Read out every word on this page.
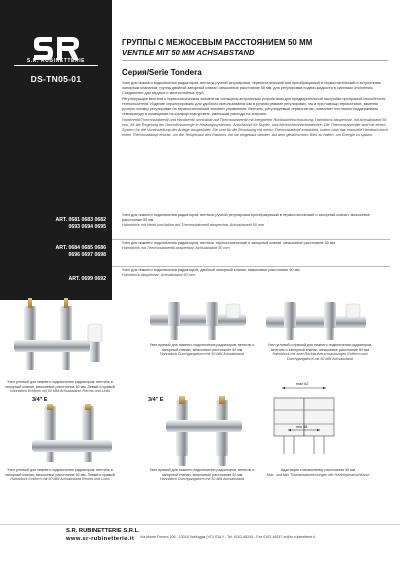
S.R. RUBINETTERIE
DS-TN05-01
ГРУППЫ С МЕЖОСЕВЫМ РАССТОЯНИЕМ 50 ММ
VENTILE MIT 50 MM ACHSABSTAND
Серия/Serie Tondera

Узел для нижнего подключения радиаторов, вентиль ручной регулировки, термостатический или преобразуемый в термостатический и встроенным запорным клапаном; группа двойной запорный клапан, межосевое расстояние 50 мм, для регулировки подачи жидкости в системах отопления. Соединение для медных и многослойных труб.

Регулирующие вентили с термостатическим элементом оснащены встроенным устройством для предварительной настройки пропускной способности теплоносителя. Изделие спроектировано для удобного использования как в ручном режиме регулировки, так и при помощи термостатов, заменяя ручную головку регулировки на термостатический элемент управления. Вентиль, регулируемый термостатом, позволяет постоянно поддерживать температуру в помещении на комфортном уровне, уменьшая расходы на энергию.

Handventil/Thermostatventil und Handventil umrüstbar auf Thermostatventil mit integrierter Rücklaufverschraubung, Hahnblock absperrbar, mit Achsabstand 50 mm, für die Regelung der Durchflussmenge in Heizungssystemen. Anschlüsse für Kupfer- und Mehrschichtverbundrohre. Die Thermostatventile sind mit einem System für die Voreinstellung der Anlage ausgerüstet. Sie sind für die Benutzung mit einem Thermostatkopf entwickelt, indem man das manuelle Handrad durch einen Thermostatkopf ersetzt, um die Temperatur des Raumes, wo sie eingebaut werden, auf dem gewünschten Wert zu halten, um Energie zu sparen.

ART. 0681 0683 0682
0693 0694 0695
Узел для нижнего подключения радиаторов, вентиль ручной регулировки преобразуемый в термостатический и запорный клапан, межосевое расстояние 50 мм
Hahnblock mit Ventil umrüstbar auf Thermostatventil absperrbar, Achsabstand 50 mm
ART. 0684 0685 0686
0696 0697 0698
Узел для нижнего подключения радиаторов, вентиль термостатический и запорный клапан, межосевое расстояние 50 мм
Hahnblock mit Thermostatventil absperrbar, Achsabstand 50 mm
ART. 0699 0692
Узел для нижнего подключения радиаторов, двойной запорный клапан, межосевое расстояние 50 мм
Hahnblock absperrbar, Achsabstand 50 mm
Узел угловой для нижнего подключения радиаторов, вентиль и запорный клапан, межосевое расстояние 50 мм. Левый и правый
Hahnblock Eckform mit 50 MM Achsabstand. Rechts und Links
Узел прямой для нижнего подключения радиаторов, вентиль и запорный клапан, межосевое расстояние 50 мм
Hahnblock Durchgangsform mit 50 MM Achsabstand
Узел угловой и прямой для нижнего подключения радиаторов, вентиль и запорный клапан, межосевое расстояние 50 мм
Hahnblock mit zwei Rücklaufverschraubungen Eckform und Durchgangsform mit 50 MM Achsabstand
3/4" E
Узел угловой для нижнего подключения радиаторов, вентиль и запорный клапан, межосевое расстояние 50 мм. Левый и правый
Hahnblock Eckform mit 50 MM Achsabstand Rechts und Links
3/4" E
Узел прямой для нижнего подключения радиаторов, вентиль и запорный клапан, межосевое расстояние 50 мм
Hahnblock Durchgangsform mit 50 MM Achsabstand
max 62
min 48
Адаптация к межосевому расстоянию 50 мм
Max. und Min. Toleranzabweichungen der Hezkörperanschlüsse
S.R. RUBINETTERIE S.R.L.
www.sr-rubinetterie.it Via Monte Fenera 106 - 13018 Valduggia (VC) ITALY - Tel. 0163-48240 - Fax 0163-48247 sr@sr-rubinetterie.it
